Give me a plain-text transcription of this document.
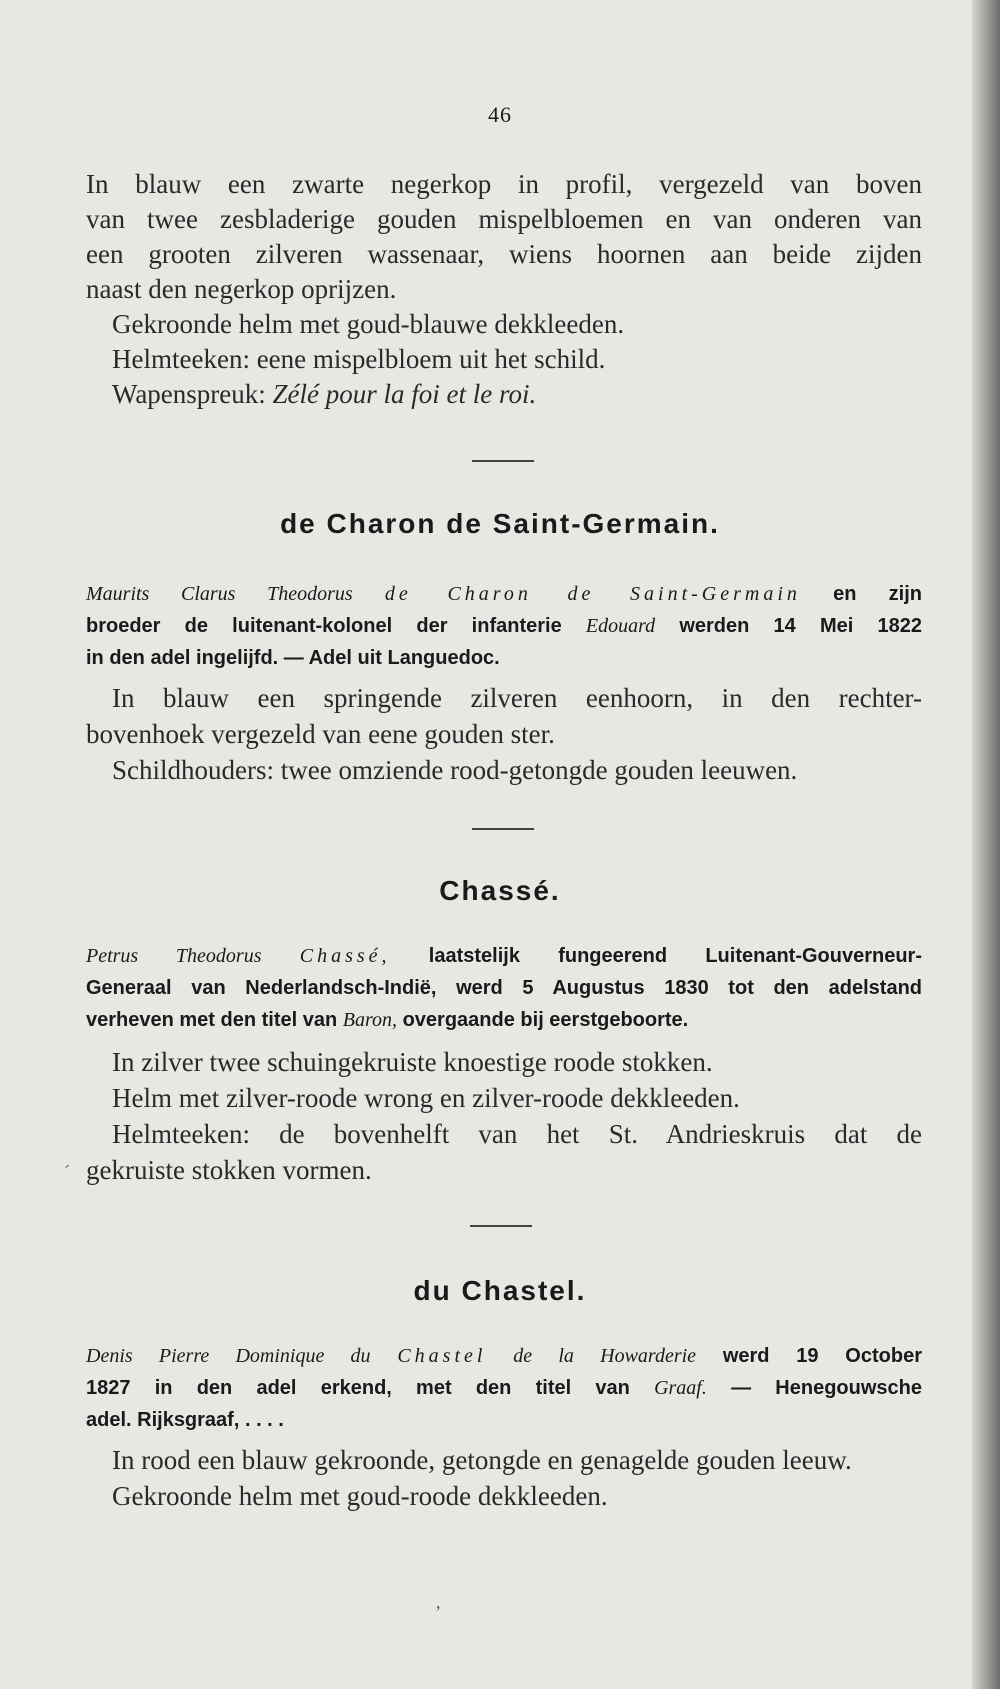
46
In blauw een zwarte negerkop in profil, vergezeld van boven
van twee zesbladerige gouden mispelbloemen en van onderen van
een grooten zilveren wassenaar, wiens hoornen aan beide zijden
naast den negerkop oprijzen.
Gekroonde helm met goud-blauwe dekkleeden.
Helmteeken: eene mispelbloem uit het schild.
Wapenspreuk: Zélé pour la foi et le roi.
de Charon de Saint-Germain.
Maurits Clarus Theodorus de Charon de Saint-Germain en zijn
broeder de luitenant-kolonel der infanterie Edouard werden 14 Mei 1822
in den adel ingelijfd. — Adel uit Languedoc.
In blauw een springende zilveren eenhoorn, in den rechter-
bovenhoek vergezeld van eene gouden ster.
Schildhouders: twee omziende rood-getongde gouden leeuwen.
Chassé.
Petrus Theodorus Chassé, laatstelijk fungeerend Luitenant-Gouverneur-
Generaal van Nederlandsch-Indië, werd 5 Augustus 1830 tot den adelstand
verheven met den titel van Baron, overgaande bij eerstgeboorte.
In zilver twee schuingekruiste knoestige roode stokken.
Helm met zilver-roode wrong en zilver-roode dekkleeden.
Helmteeken: de bovenhelft van het St. Andrieskruis dat de
gekruiste stokken vormen.
´
du Chastel.
Denis Pierre Dominique du Chastel de la Howarderie werd 19 October
1827 in den adel erkend, met den titel van Graaf. — Henegouwsche
adel. Rijksgraaf, . . . .
In rood een blauw gekroonde, getongde en genagelde gouden leeuw.
Gekroonde helm met goud-roode dekkleeden.
,
